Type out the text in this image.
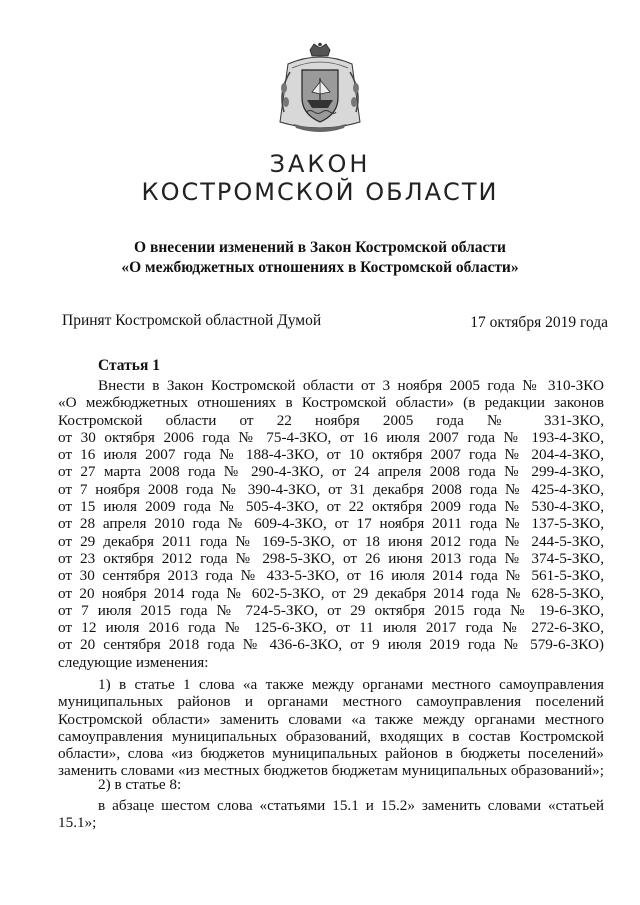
ЗАКОН
КОСТРОМСКОЙ ОБЛАСТИ
О внесении изменений в Закон Костромской области
«О межбюджетных отношениях в Костромской области»
Принят Костромской областной Думой	17 октября 2019 года
Статья 1
Внести в Закон Костромской области от 3 ноября 2005 года № 310-ЗКО
«О межбюджетных отношениях в Костромской области» (в редакции законов
Костромской области от 22 ноября 2005 года № 331-ЗКО,
от 30 октября 2006 года № 75-4-ЗКО, от 16 июля 2007 года № 193-4-ЗКО,
от 16 июля 2007 года № 188-4-ЗКО, от 10 октября 2007 года № 204-4-ЗКО,
от 27 марта 2008 года № 290-4-ЗКО, от 24 апреля 2008 года № 299-4-ЗКО,
от 7 ноября 2008 года № 390-4-ЗКО, от 31 декабря 2008 года № 425-4-ЗКО,
от 15 июля 2009 года № 505-4-ЗКО, от 22 октября 2009 года № 530-4-ЗКО,
от 28 апреля 2010 года № 609-4-ЗКО, от 17 ноября 2011 года № 137-5-ЗКО,
от 29 декабря 2011 года № 169-5-ЗКО, от 18 июня 2012 года № 244-5-ЗКО,
от 23 октября 2012 года № 298-5-ЗКО, от 26 июня 2013 года № 374-5-ЗКО,
от 30 сентября 2013 года № 433-5-ЗКО, от 16 июля 2014 года № 561-5-ЗКО,
от 20 ноября 2014 года № 602-5-ЗКО, от 29 декабря 2014 года № 628-5-ЗКО,
от 7 июля 2015 года № 724-5-ЗКО, от 29 октября 2015 года № 19-6-ЗКО,
от 12 июля 2016 года № 125-6-ЗКО, от 11 июля 2017 года № 272-6-ЗКО,
от 20 сентября 2018 года № 436-6-ЗКО, от 9 июля 2019 года № 579-6-ЗКО)
следующие изменения:
1) в статье 1 слова «а также между органами местного самоуправления
муниципальных районов и органами местного самоуправления поселений
Костромской области» заменить словами «а также между органами местного
самоуправления муниципальных образований, входящих в состав Костромской
области», слова «из бюджетов муниципальных районов в бюджеты поселений»
заменить словами «из местных бюджетов бюджетам муниципальных образований»;
2) в статье 8:
в абзаце шестом слова «статьями 15.1 и 15.2» заменить словами «статьей
15.1»;
